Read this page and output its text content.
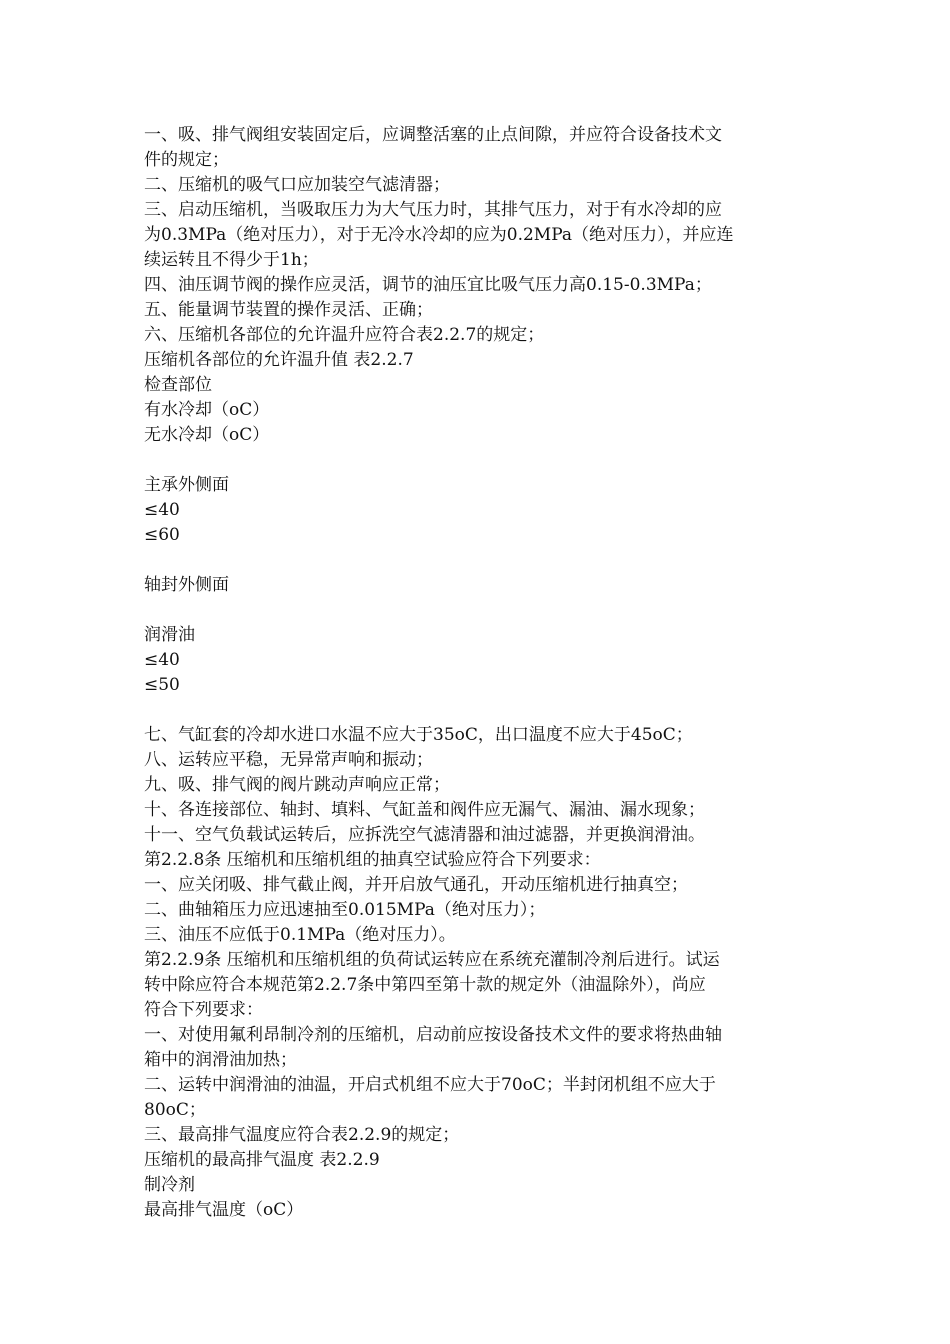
一、吸、排气阀组安装固定后，应调整活塞的止点间隙，并应符合设备技术文
件的规定；
二、压缩机的吸气口应加装空气滤清器；
三、启动压缩机，当吸取压力为大气压力时，其排气压力，对于有水冷却的应
为0.3MPa（绝对压力），对于无冷水冷却的应为0.2MPa（绝对压力），并应连
续运转且不得少于1h；
四、油压调节阀的操作应灵活，调节的油压宜比吸气压力高0.15-0.3MPa；
五、能量调节装置的操作灵活、正确；
六、压缩机各部位的允许温升应符合表2.2.7的规定；
压缩机各部位的允许温升值 表2.2.7
检查部位
有水冷却（oC）
无水冷却（oC）
主承外侧面
≤40
≤60
轴封外侧面
润滑油
≤40
≤50
七、气缸套的冷却水进口水温不应大于35oC，出口温度不应大于45oC；
八、运转应平稳，无异常声响和振动；
九、吸、排气阀的阀片跳动声响应正常；
十、各连接部位、轴封、填料、气缸盖和阀件应无漏气、漏油、漏水现象；
十一、空气负载试运转后，应拆洗空气滤清器和油过滤器，并更换润滑油。
第2.2.8条 压缩机和压缩机组的抽真空试验应符合下列要求：
一、应关闭吸、排气截止阀，并开启放气通孔，开动压缩机进行抽真空；
二、曲轴箱压力应迅速抽至0.015MPa（绝对压力）；
三、油压不应低于0.1MPa（绝对压力）。
第2.2.9条 压缩机和压缩机组的负荷试运转应在系统充灌制冷剂后进行。试运
转中除应符合本规范第2.2.7条中第四至第十款的规定外（油温除外），尚应
符合下列要求：
一、对使用氟利昂制冷剂的压缩机，启动前应按设备技术文件的要求将热曲轴
箱中的润滑油加热；
二、运转中润滑油的油温，开启式机组不应大于70oC；半封闭机组不应大于
80oC；
三、最高排气温度应符合表2.2.9的规定；
压缩机的最高排气温度 表2.2.9
制冷剂
最高排气温度（oC）
